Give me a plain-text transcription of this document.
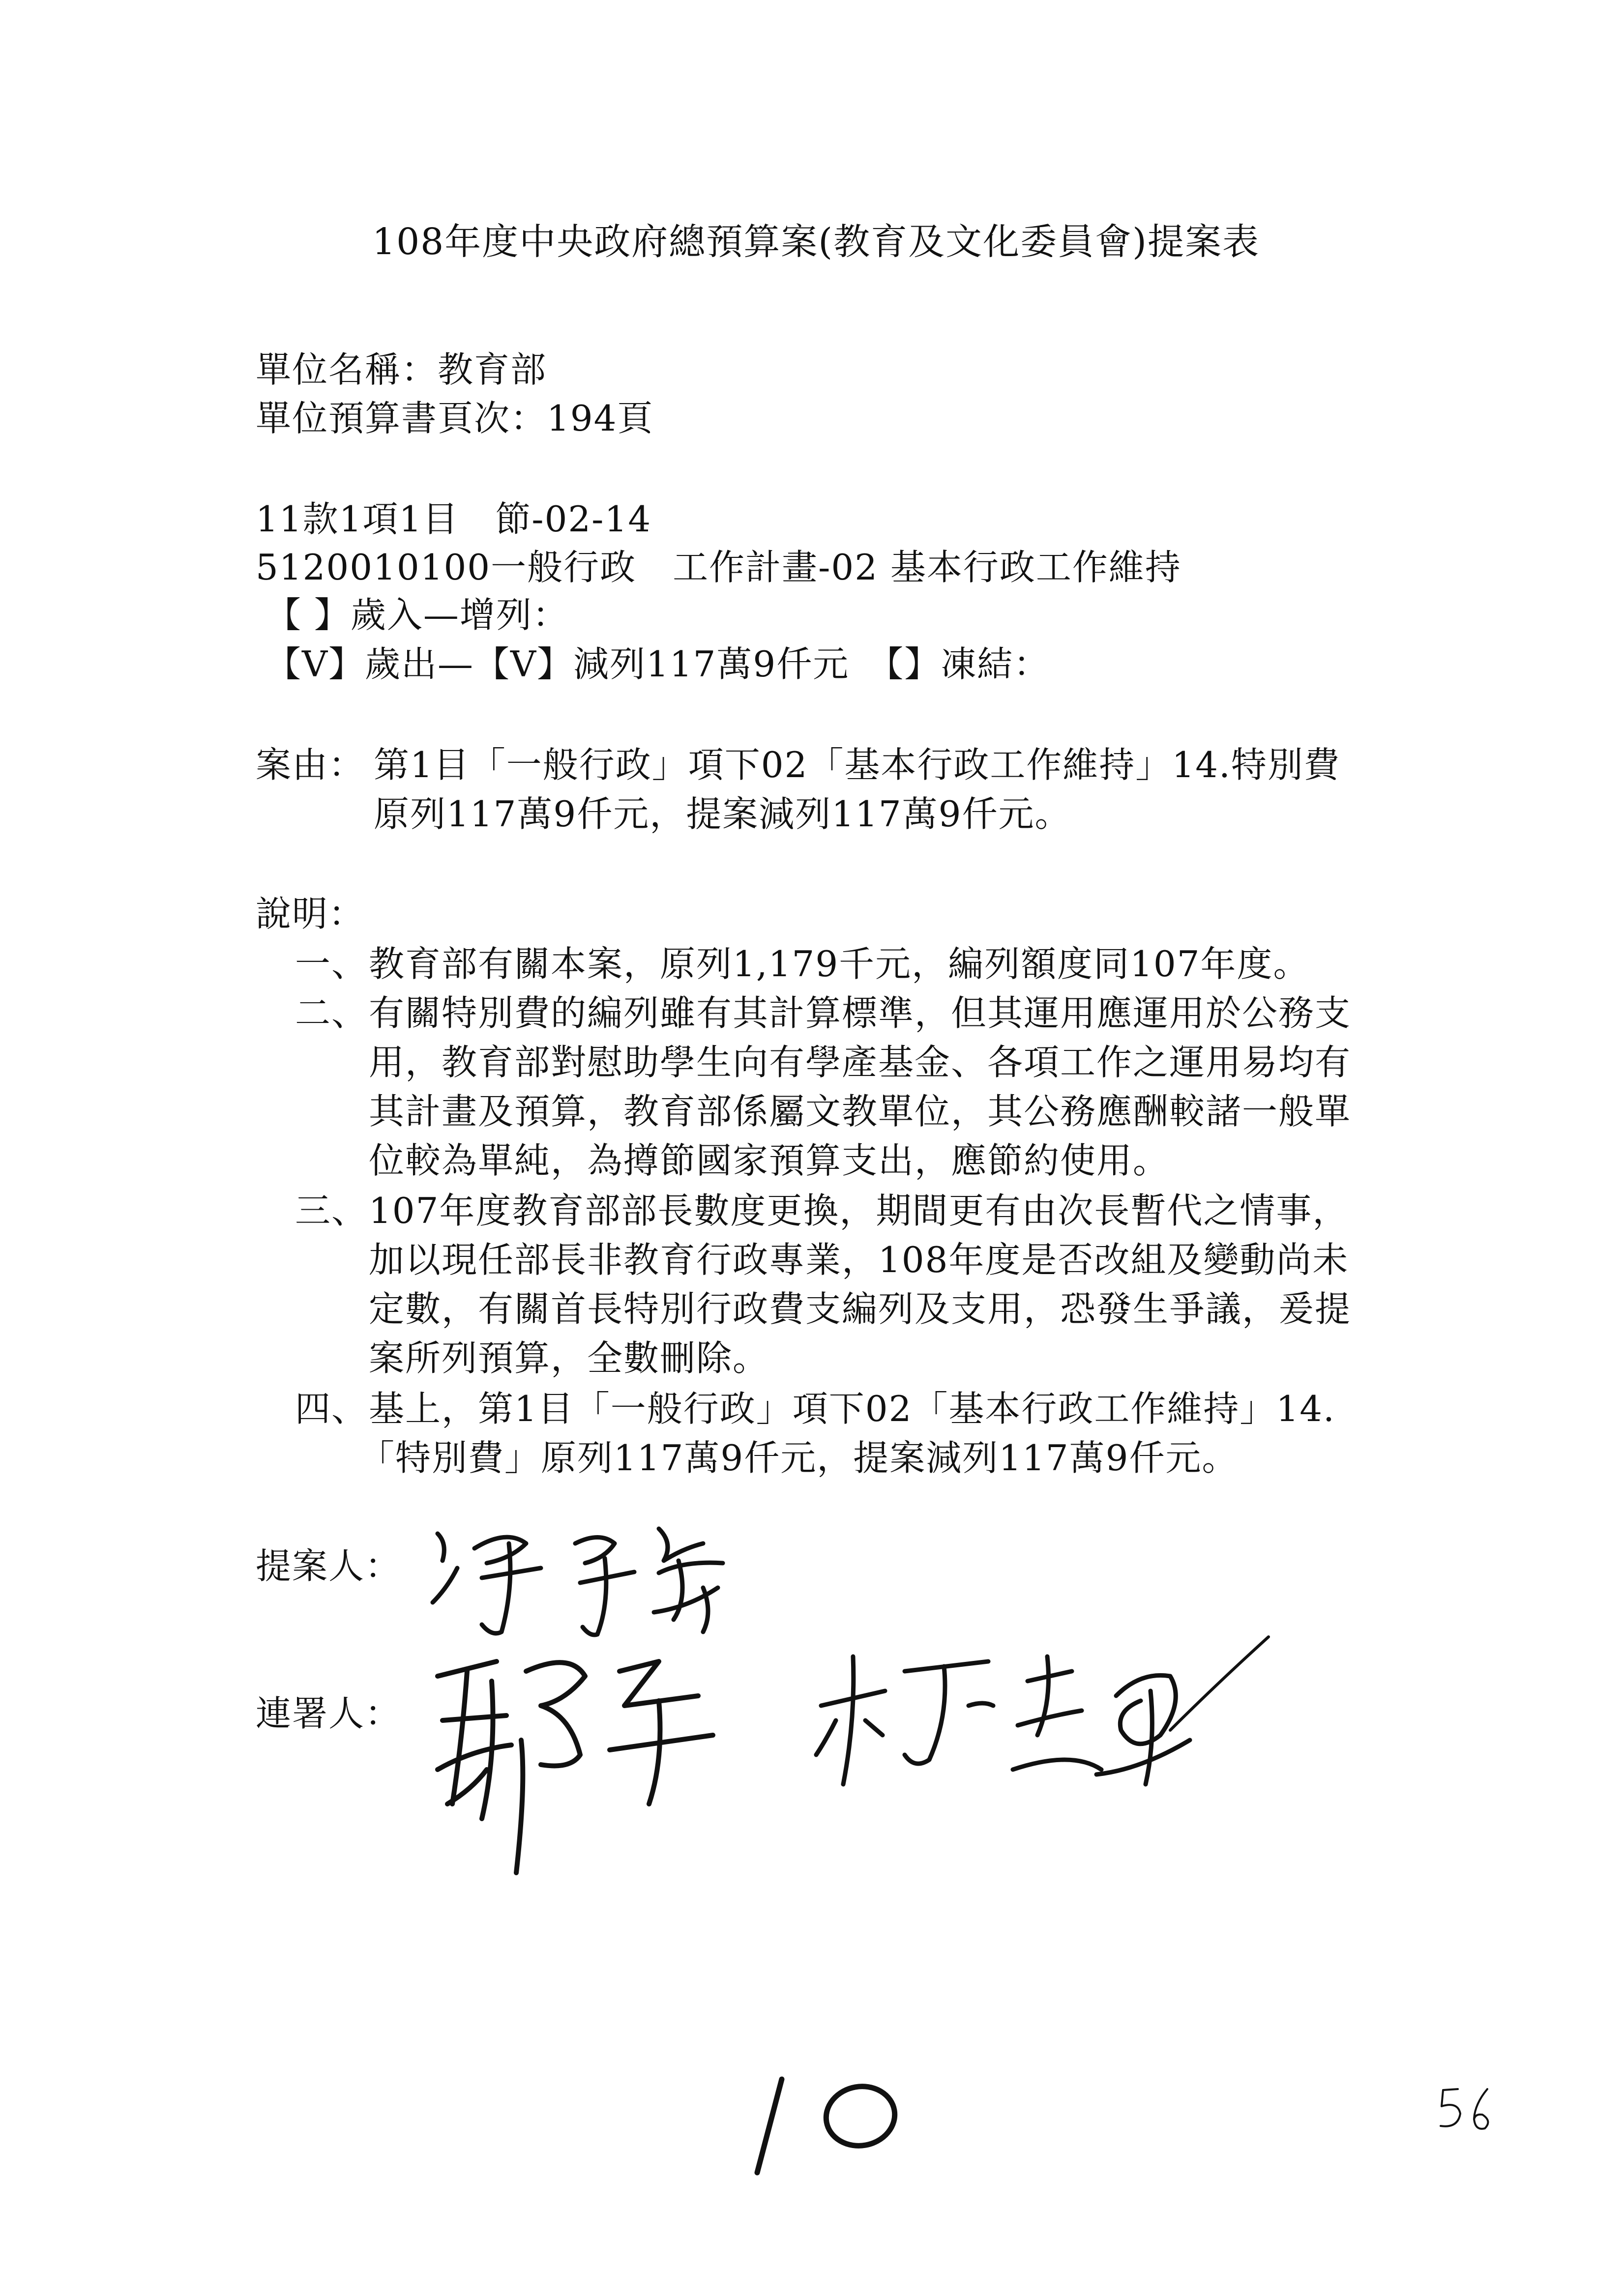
108年度中央政府總預算案(教育及文化委員會)提案表
單位名稱：教育部
單位預算書頁次：194頁
11款1項1目　節-02-14
5120010100一般行政　工作計畫-02 基本行政工作維持
【 】歲入—增列：
【V】歲出—【V】減列117萬9仟元　【】凍結：
案由： 第1目「一般行政」項下02「基本行政工作維持」14.特別費
原列117萬9仟元，提案減列117萬9仟元。
說明：
一、 教育部有關本案，原列1,179千元，編列額度同107年度。
二、 有關特別費的編列雖有其計算標準，但其運用應運用於公務支
用，教育部對慰助學生向有學產基金、各項工作之運用易均有
其計畫及預算，教育部係屬文教單位，其公務應酬較諸一般單
位較為單純，為撙節國家預算支出，應節約使用。
三、 107年度教育部部長數度更換，期間更有由次長暫代之情事，
加以現任部長非教育行政專業，108年度是否改組及變動尚未
定數，有關首長特別行政費支編列及支用，恐發生爭議，爰提
案所列預算，全數刪除。
四、 基上，第1目「一般行政」項下02「基本行政工作維持」14.
「特別費」原列117萬9仟元，提案減列117萬9仟元。
提案人：
連署人：
